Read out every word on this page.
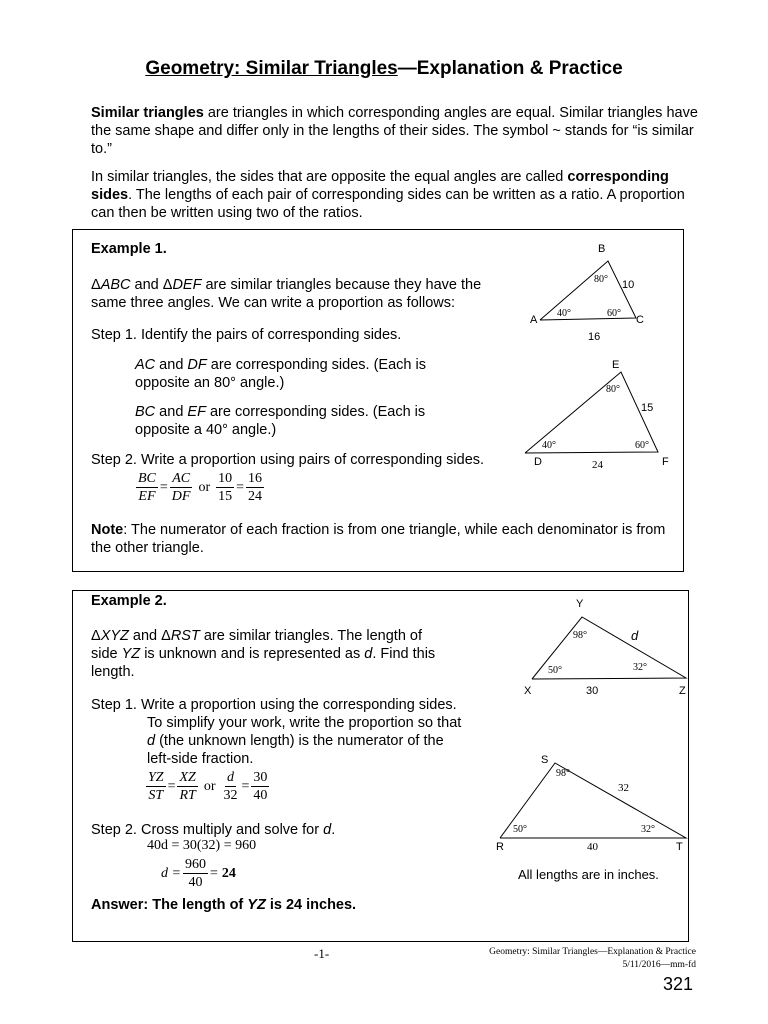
Geometry: Similar Triangles—Explanation & Practice
Similar triangles are triangles in which corresponding angles are equal. Similar triangles have the same shape and differ only in the lengths of their sides. The symbol ~ stands for “is similar to.”
In similar triangles, the sides that are opposite the equal angles are called corresponding sides. The lengths of each pair of corresponding sides can be written as a ratio. A proportion can then be written using two of the ratios.
Example 1.
ΔABC and ΔDEF are similar triangles because they have the same three angles. We can write a proportion as follows:
Step 1. Identify the pairs of corresponding sides.
AC and DF are corresponding sides. (Each is opposite an 80° angle.)
BC and EF are corresponding sides. (Each is opposite a 40° angle.)
Step 2. Write a proportion using pairs of corresponding sides.
$\frac{BC}{EF} = \frac{AC}{DF}$ or $\frac{10}{15} = \frac{16}{24}$
Note: The numerator of each fraction is from one triangle, while each denominator is from the other triangle.
B
A	C
80°
40°	60°
10
16
E
D	F
80°
40°	60°
15
24
Example 2.
ΔXYZ and ΔRST are similar triangles. The length of side YZ is unknown and is represented as d. Find this length.
Step 1. Write a proportion using the corresponding sides.
To simplify your work, write the proportion so that
d (the unknown length) is the numerator of the
left-side fraction.
$\frac{YZ}{ST} = \frac{XZ}{RT}$ or $\frac{d}{32} = \frac{30}{40}$
Step 2. Cross multiply and solve for d.
40d = 30(32) = 960
$d = \frac{960}{40} = 24$
Answer: The length of YZ is 24 inches.
Y
X	Z
98°
50°	32°
d
30
S
R	T
98°
50°	32°
32
40
All lengths are in inches.
-1-	Geometry: Similar Triangles—Explanation & Practice
5/11/2016—mm-fd
321
